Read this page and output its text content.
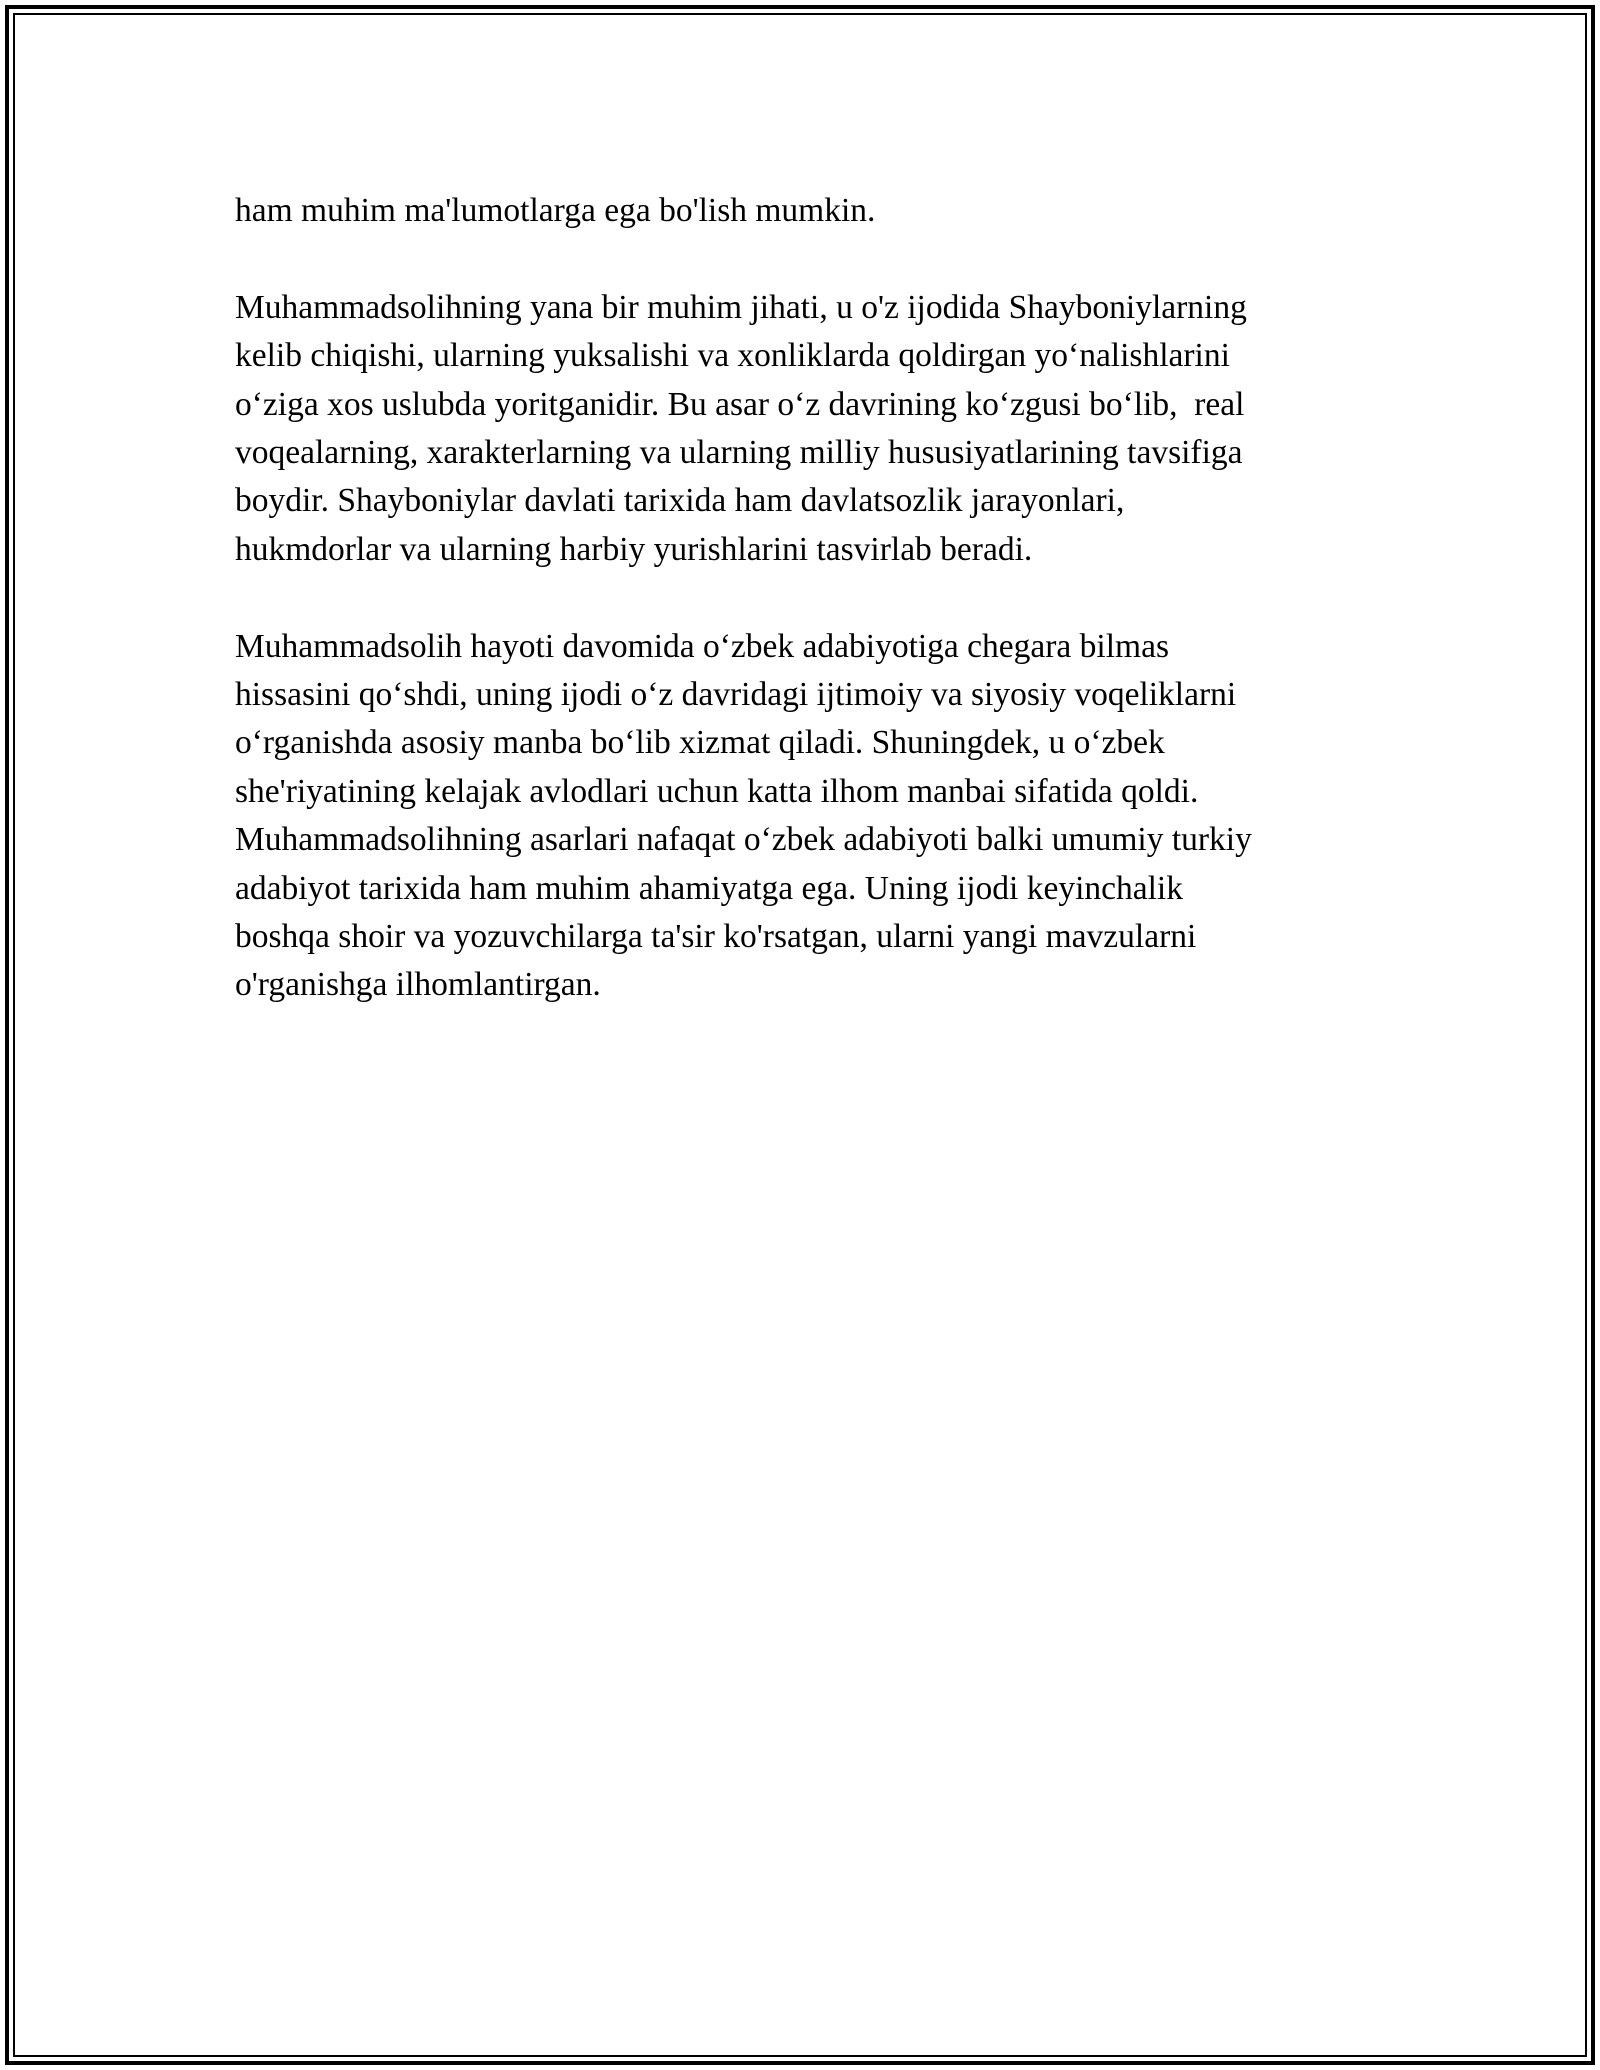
ham muhim ma'lumotlarga ega bo'lish mumkin.

Muhammadsolihning yana bir muhim jihati, u o'z ijodida Shayboniylarning

kelib chiqishi, ularning yuksalishi va xonliklarda qoldirgan yo‘nalishlarini

o‘ziga xos uslubda yoritganidir. Bu asar o‘z davrining ko‘zgusi bo‘lib,  real

voqealarning, xarakterlarning va ularning milliy hususiyatlarining tavsifiga

boydir. Shayboniylar davlati tarixida ham davlatsozlik jarayonlari,

hukmdorlar va ularning harbiy yurishlarini tasvirlab beradi.

Muhammadsolih hayoti davomida o‘zbek adabiyotiga chegara bilmas

hissasini qo‘shdi, uning ijodi o‘z davridagi ijtimoiy va siyosiy voqeliklarni

o‘rganishda asosiy manba bo‘lib xizmat qiladi. Shuningdek, u o‘zbek

she'riyatining kelajak avlodlari uchun katta ilhom manbai sifatida qoldi.

Muhammadsolihning asarlari nafaqat o‘zbek adabiyoti balki umumiy turkiy

adabiyot tarixida ham muhim ahamiyatga ega. Uning ijodi keyinchalik

boshqa shoir va yozuvchilarga ta'sir ko'rsatgan, ularni yangi mavzularni

o'rganishga ilhomlantirgan.
